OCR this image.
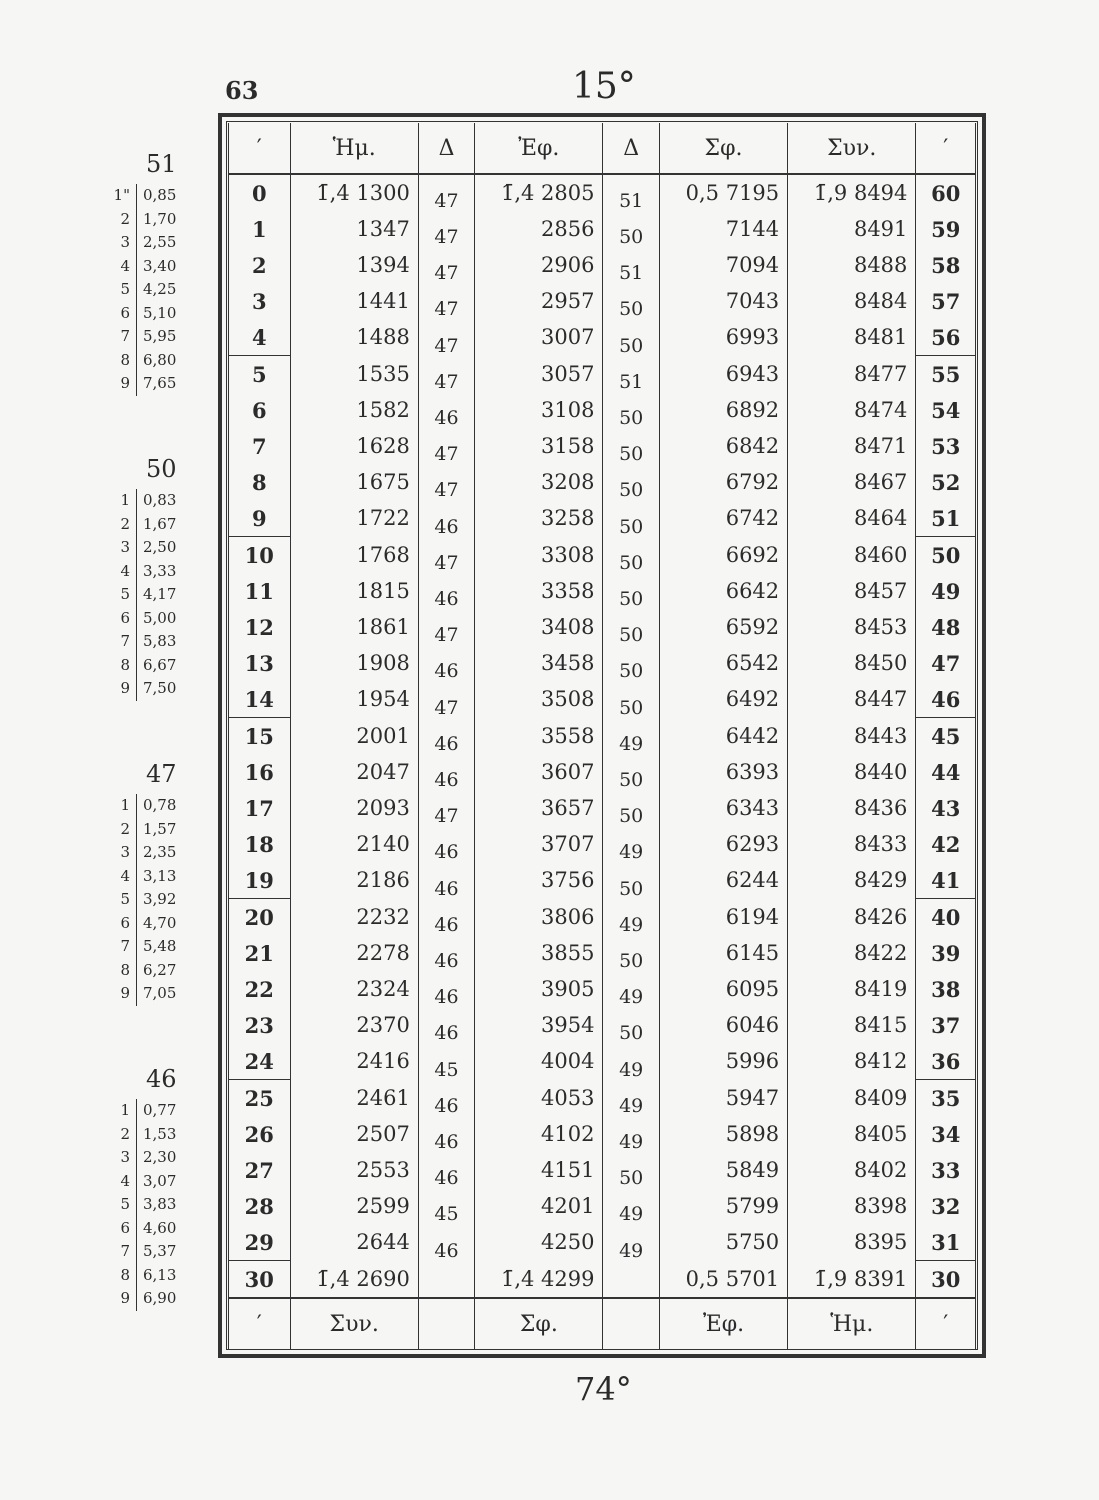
63	15°
51
1" 0,85
2 1,70
3 2,55
4 3,40
5 4,25
6 5,10
7 5,95
8 6,80
9 7,65
50
1 0,83
2 1,67
3 2,50
4 3,33
5 4,17
6 5,00
7 5,83
8 6,67
9 7,50
47
1 0,78
2 1,57
3 2,35
4 3,13
5 3,92
6 4,70
7 5,48
8 6,27
9 7,05
46
1 0,77
2 1,53
3 2,30
4 3,07
5 3,83
6 4,60
7 5,37
8 6,13
9 6,90
′	Ἡμ.	Δ	Ἐφ.	Δ	Σφ.	Συν.	′
0	1̄,4 1300	47	1̄,4 2805	51	0,5 7195	1̄,9 8494	60
1	1347	47	2856	50	7144	8491	59
2	1394	47	2906	51	7094	8488	58
3	1441	47	2957	50	7043	8484	57
4	1488	47	3007	50	6993	8481	56
5	1535	47	3057	51	6943	8477	55
6	1582	46	3108	50	6892	8474	54
7	1628	47	3158	50	6842	8471	53
8	1675	47	3208	50	6792	8467	52
9	1722	46	3258	50	6742	8464	51
10	1768	47	3308	50	6692	8460	50
11	1815	46	3358	50	6642	8457	49
12	1861	47	3408	50	6592	8453	48
13	1908	46	3458	50	6542	8450	47
14	1954	47	3508	50	6492	8447	46
15	2001	46	3558	49	6442	8443	45
16	2047	46	3607	50	6393	8440	44
17	2093	47	3657	50	6343	8436	43
18	2140	46	3707	49	6293	8433	42
19	2186	46	3756	50	6244	8429	41
20	2232	46	3806	49	6194	8426	40
21	2278	46	3855	50	6145	8422	39
22	2324	46	3905	49	6095	8419	38
23	2370	46	3954	50	6046	8415	37
24	2416	45	4004	49	5996	8412	36
25	2461	46	4053	49	5947	8409	35
26	2507	46	4102	49	5898	8405	34
27	2553	46	4151	50	5849	8402	33
28	2599	45	4201	49	5799	8398	32
29	2644	46	4250	49	5750	8395	31
30	1̄,4 2690		1̄,4 4299		0,5 5701	1̄,9 8391	30
′	Συν.		Σφ.		Ἐφ.	Ἡμ.	′
74°
